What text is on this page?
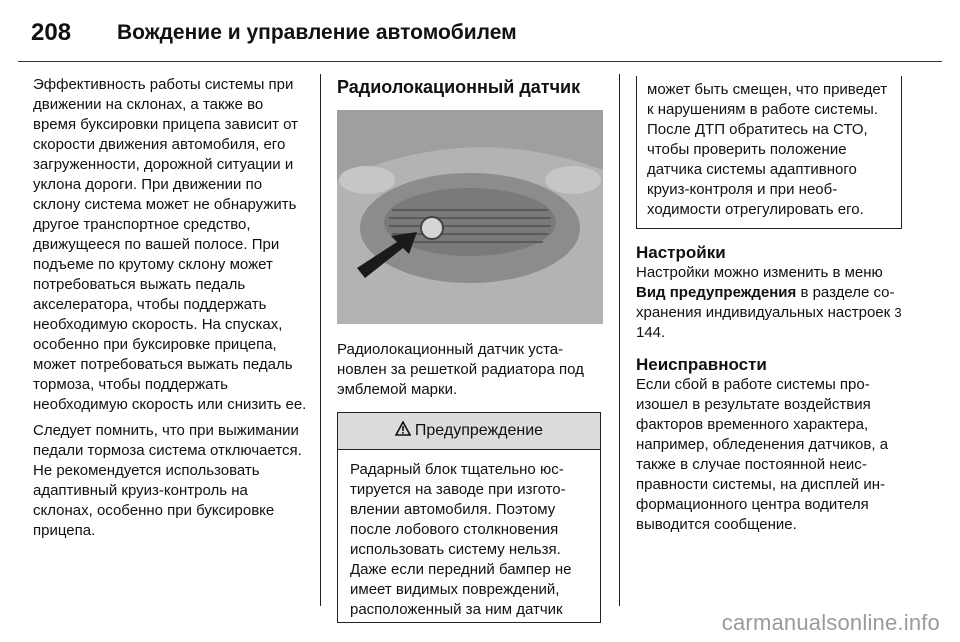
208 Вождение и управление автомобилем

Эффективность работы системы при движении на склонах, а также во время буксировки прицепа зависит от скорости движения автомобиля, его загруженности, дорожной ситуации и уклона дороги. При движении по склону система может не обнаружить другое транспортное средство, движущееся по вашей полосе. При подъеме по крутому склону может потребоваться выжать педаль акселератора, чтобы поддержать необходимую скорость. На спусках, особенно при буксировке прицепа, может потребоваться выжать педаль тормоза, чтобы поддержать необходимую скорость или снизить ее.

Следует помнить, что при выжимании педали тормоза система отключается. Не рекомендуется использовать адаптивный круиз-контроль на склонах, особенно при буксировке прицепа.

Радиолокационный датчик

Радиолокационный датчик установлен за решеткой радиатора под эмблемой марки.

Предупреждение
Радарный блок тщательно юстируется на заводе при изготовлении автомобиля. Поэтому после лобового столкновения использовать систему нельзя. Даже если передний бампер не имеет видимых повреждений, расположенный за ним датчик
может быть смещен, что приведет к нарушениям в работе системы. После ДТП обратитесь на СТО, чтобы проверить положение датчика системы адаптивного круиз-контроля и при необходимости отрегулировать его.
Настройки

Настройки можно изменить в меню Вид предупреждения в разделе сохранения индивидуальных настроек 3 144.

Неисправности

Если сбой в работе системы произошел в результате воздействия факторов временного характера, например, обледенения датчиков, а также в случае постоянной неисправности системы, на дисплей информационного центра водителя выводится сообщение.

carmanualsonline.info
